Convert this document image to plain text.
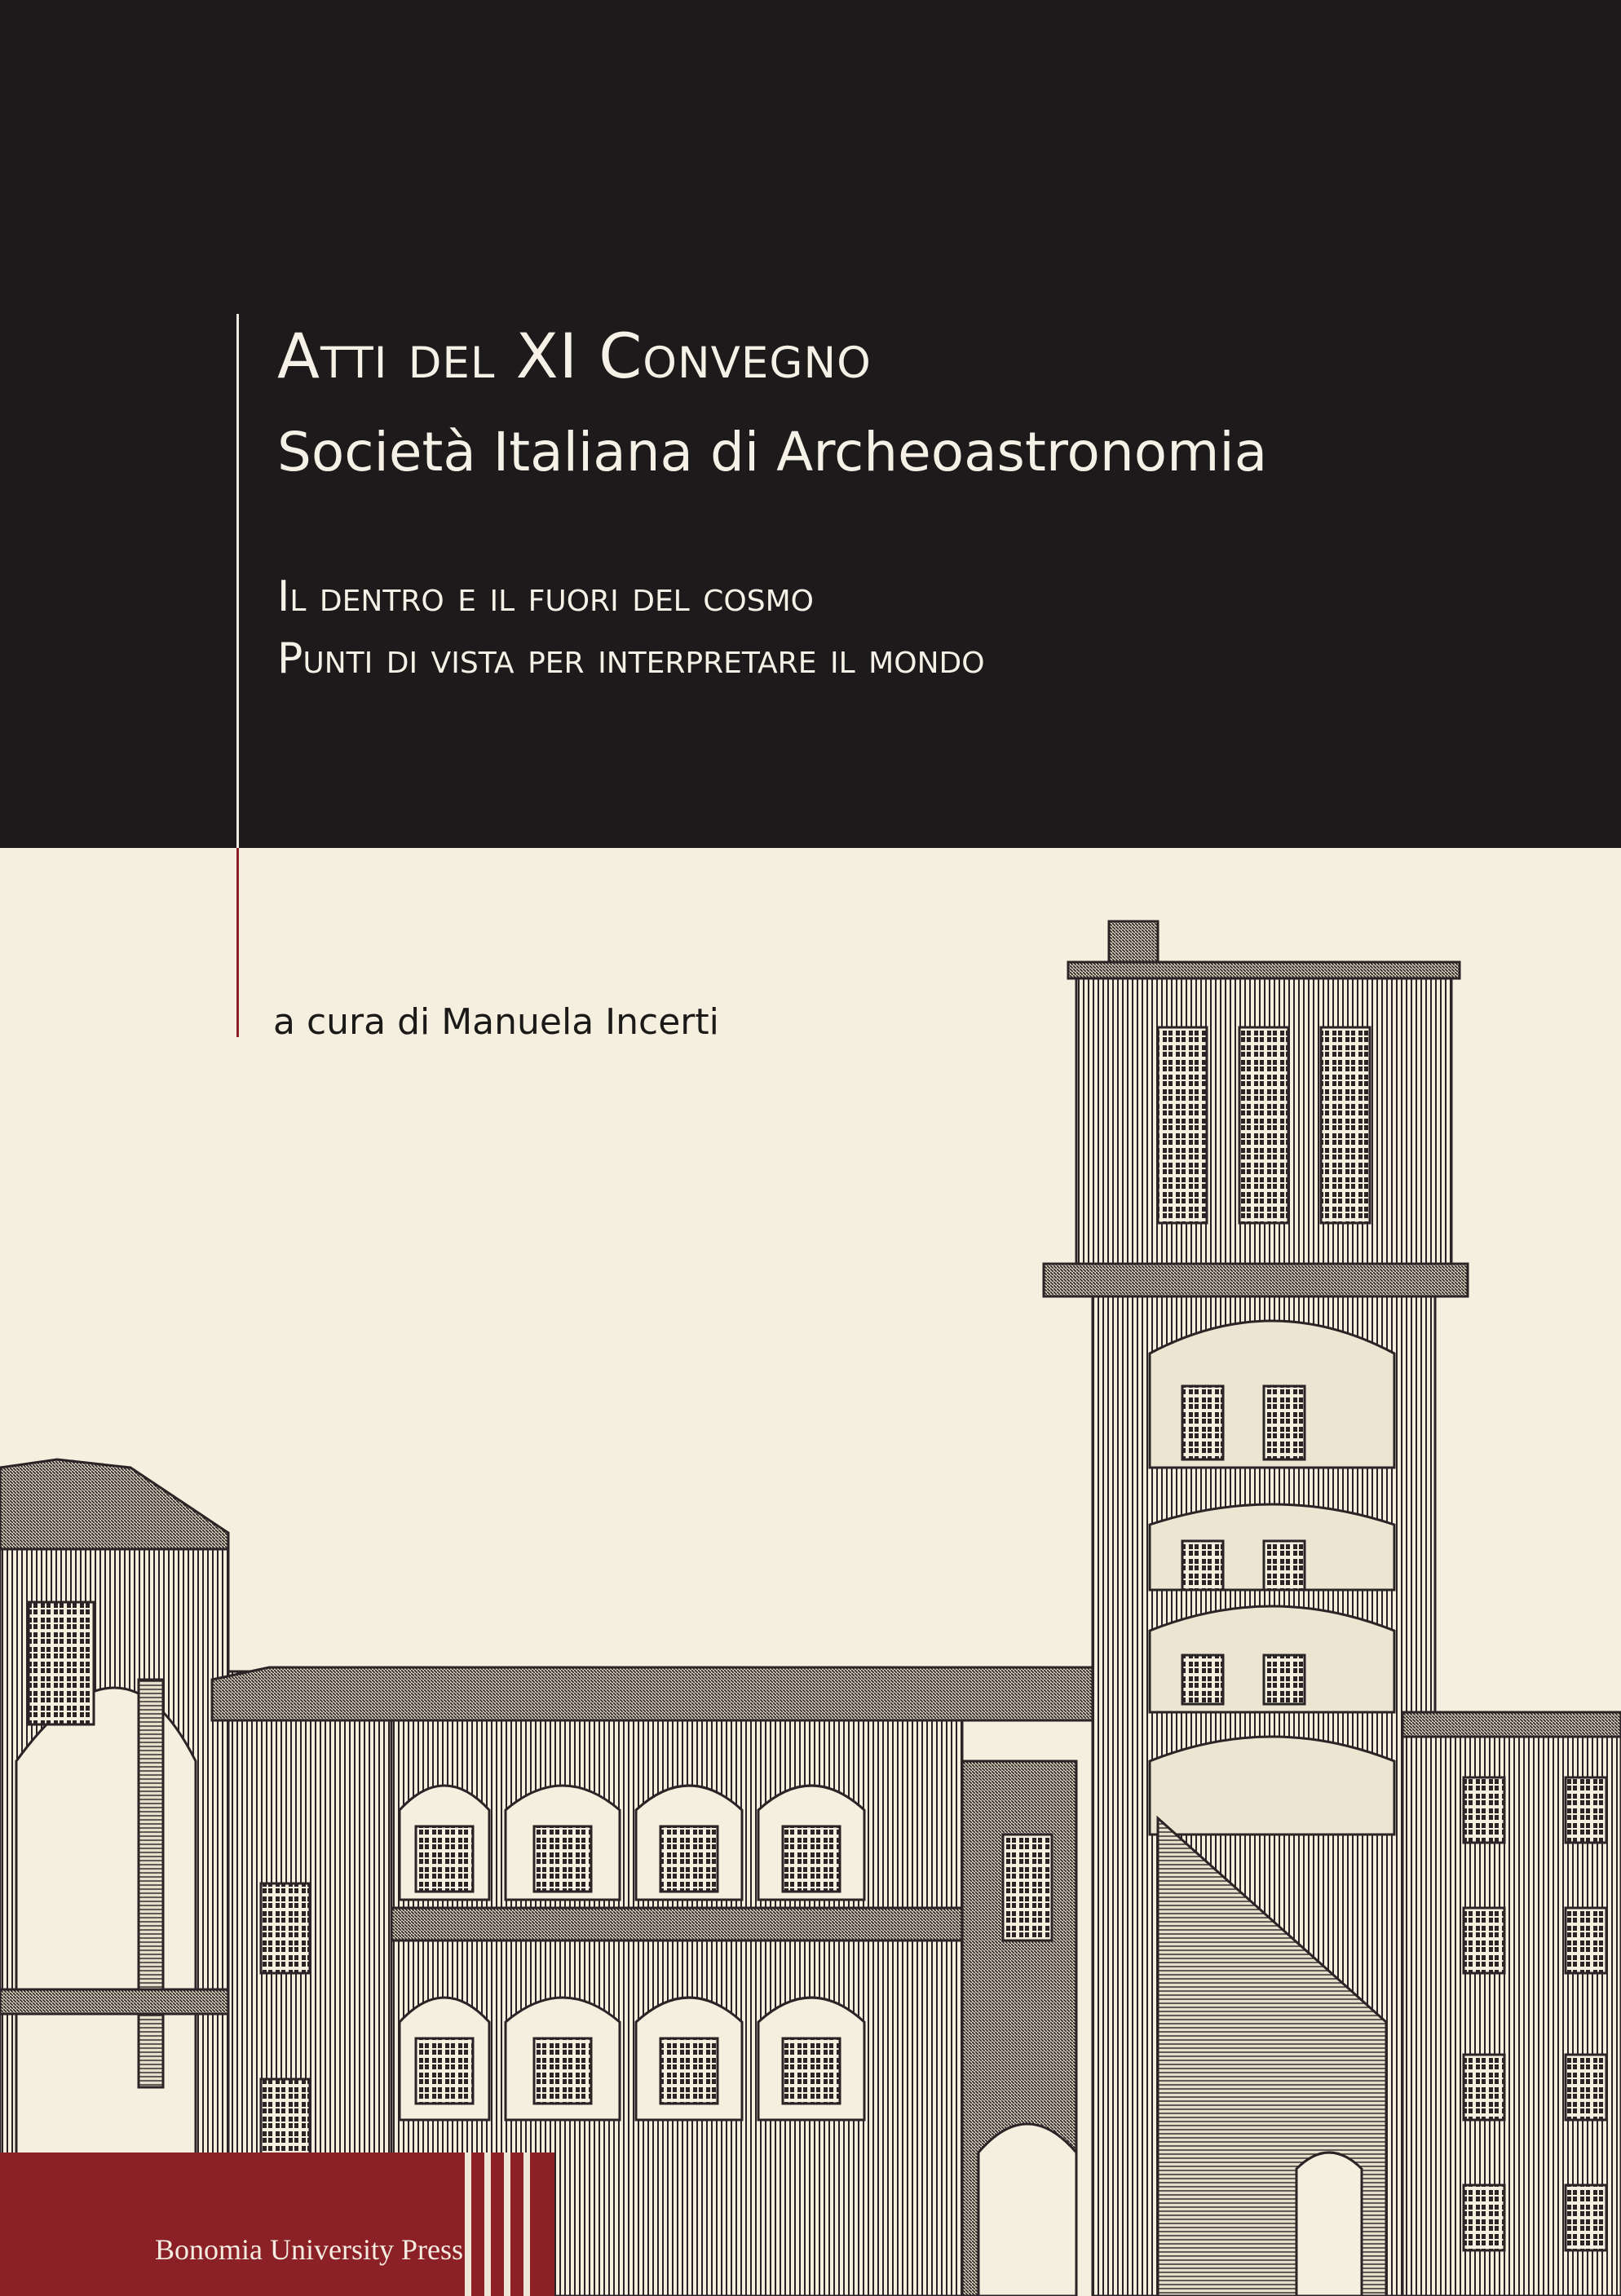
Atti del XI Convegno
Società Italiana di Archeoastronomia
Il dentro e il fuori del cosmo
Punti di vista per interpretare il mondo
a cura di Manuela Incerti
Bonomia University Press
